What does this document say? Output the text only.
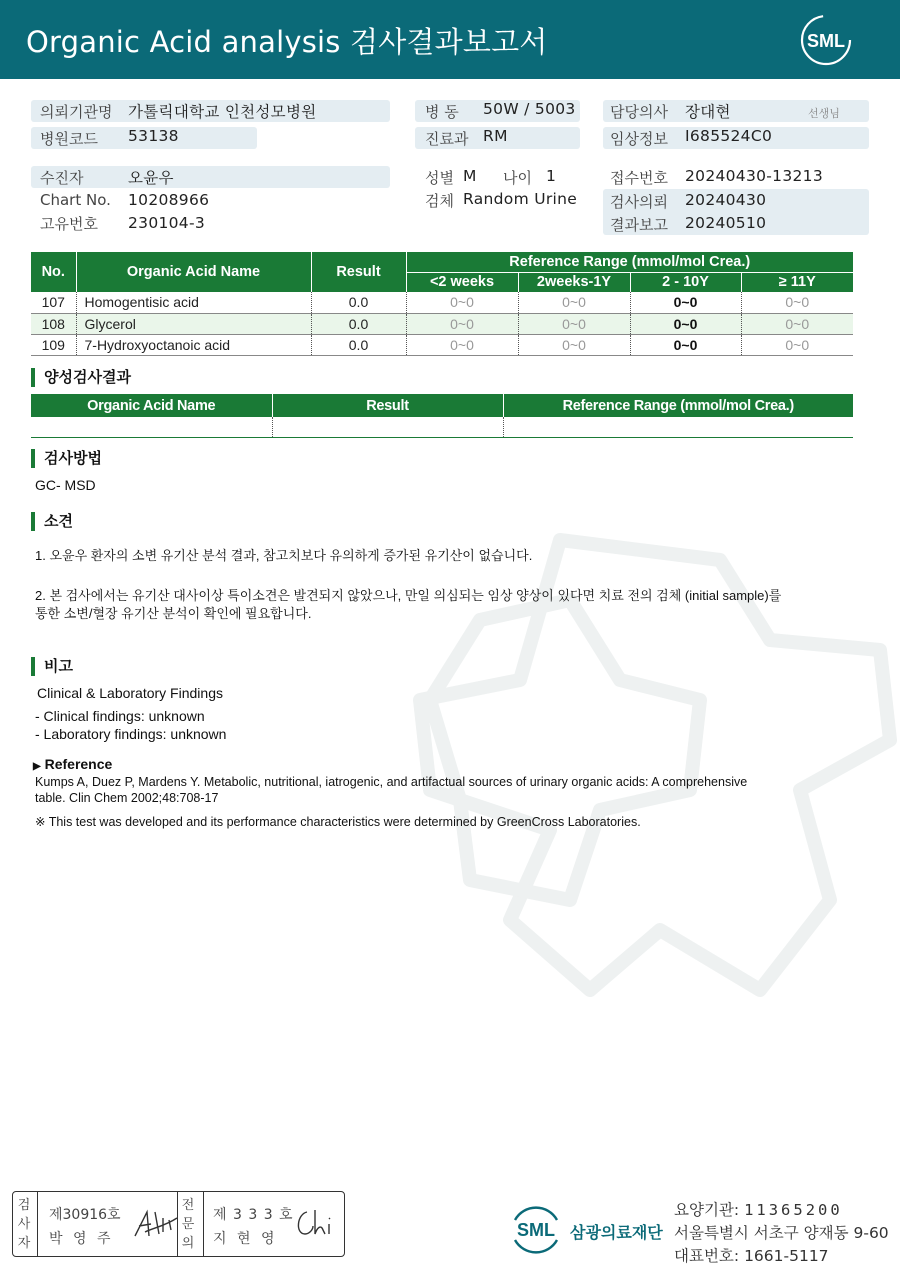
Organic Acid analysis 검사결과보고서	SML
의뢰기관명 가톨릭대학교 인천성모병원	병 동 50W / 5003 담당의사 장대현	선생님
병원코드 53138	진료과 RM	임상정보 I685524C0
수진자	오윤우
Chart No. 10208966
고유번호 230104-3
성별 M 나이 1
검체 Random Urine
접수번호 20240430-13213
검사의뢰 20240430
결과보고 20240510
No.	Organic Acid Name	Result	Reference Range (mmol/mol Crea.)			
			<2 weeks	2weeks-1Y	2 - 10Y	≥ 11Y
107	Homogentisic acid	0.0	0~0	0~0	0~0	0~0
108	Glycerol	0.0	0~0	0~0	0~0	0~0
109	7-Hydroxyoctanoic acid	0.0	0~0	0~0	0~0	0~0
양성검사결과
Organic Acid Name	Result	Reference Range (mmol/mol Crea.)

검사방법
GC- MSD
소견
1. 오윤우 환자의 소변 유기산 분석 결과, 참고치보다 유의하게 증가된 유기산이 없습니다.
2. 본 검사에서는 유기산 대사이상 특이소견은 발견되지 않았으나, 만일 의심되는 임상 양상이 있다면 치료 전의 검체 (initial sample)를
통한 소변/혈장 유기산 분석이 확인에 필요합니다.
비고
Clinical & Laboratory Findings
- Clinical findings: unknown
- Laboratory findings: unknown
▶ Reference
Kumps A, Duez P, Mardens Y. Metabolic, nutritional, iatrogenic, and artifactual sources of urinary organic acids: A comprehensive
table. Clin Chem 2002;48:708-17
※ This test was developed and its performance characteristics were determined by GreenCross Laboratories.
검사자
제30916호
박 영 주
전문의
제 3 3 3 호
지 현 영	SML 삼광의료재단
요양기관: 11365200
서울특별시 서초구 양재동 9-60
대표번호: 1661-5117
